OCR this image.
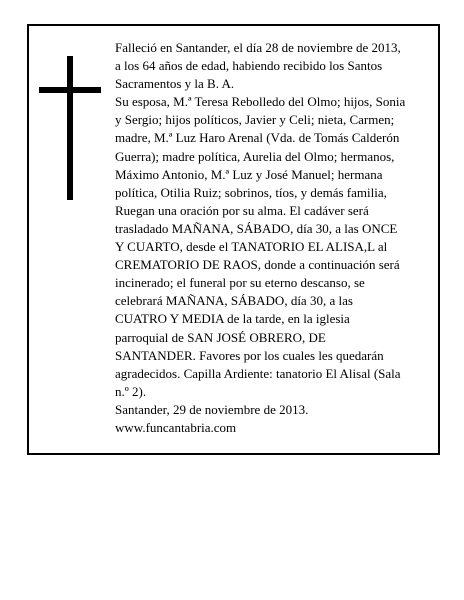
Falleció en Santander, el día 28 de noviembre de 2013,
a los 64 años de edad, habiendo recibido los Santos
Sacramentos y la B. A.
Su esposa, M.ª Teresa Rebolledo del Olmo; hijos, Sonia
y Sergio; hijos políticos, Javier y Celi; nieta, Carmen;
madre, M.ª Luz Haro Arenal (Vda. de Tomás Calderón
Guerra); madre política, Aurelia del Olmo; hermanos,
Máximo Antonio, M.ª Luz y José Manuel; hermana
política, Otilia Ruiz; sobrinos, tíos, y demás familia,
Ruegan una oración por su alma. El cadáver será
trasladado MAÑANA, SÁBADO, día 30, a las ONCE
Y CUARTO, desde el TANATORIO EL ALISA,L al
CREMATORIO DE RAOS, donde a continuación será
incinerado; el funeral por su eterno descanso, se
celebrará MAÑANA, SÁBADO, día 30, a las
CUATRO Y MEDIA de la tarde, en la iglesia
parroquial de SAN JOSÉ OBRERO, DE
SANTANDER. Favores por los cuales les quedarán
agradecidos. Capilla Ardiente: tanatorio El Alisal (Sala
n.º 2).
Santander, 29 de noviembre de 2013.
www.funcantabria.com
